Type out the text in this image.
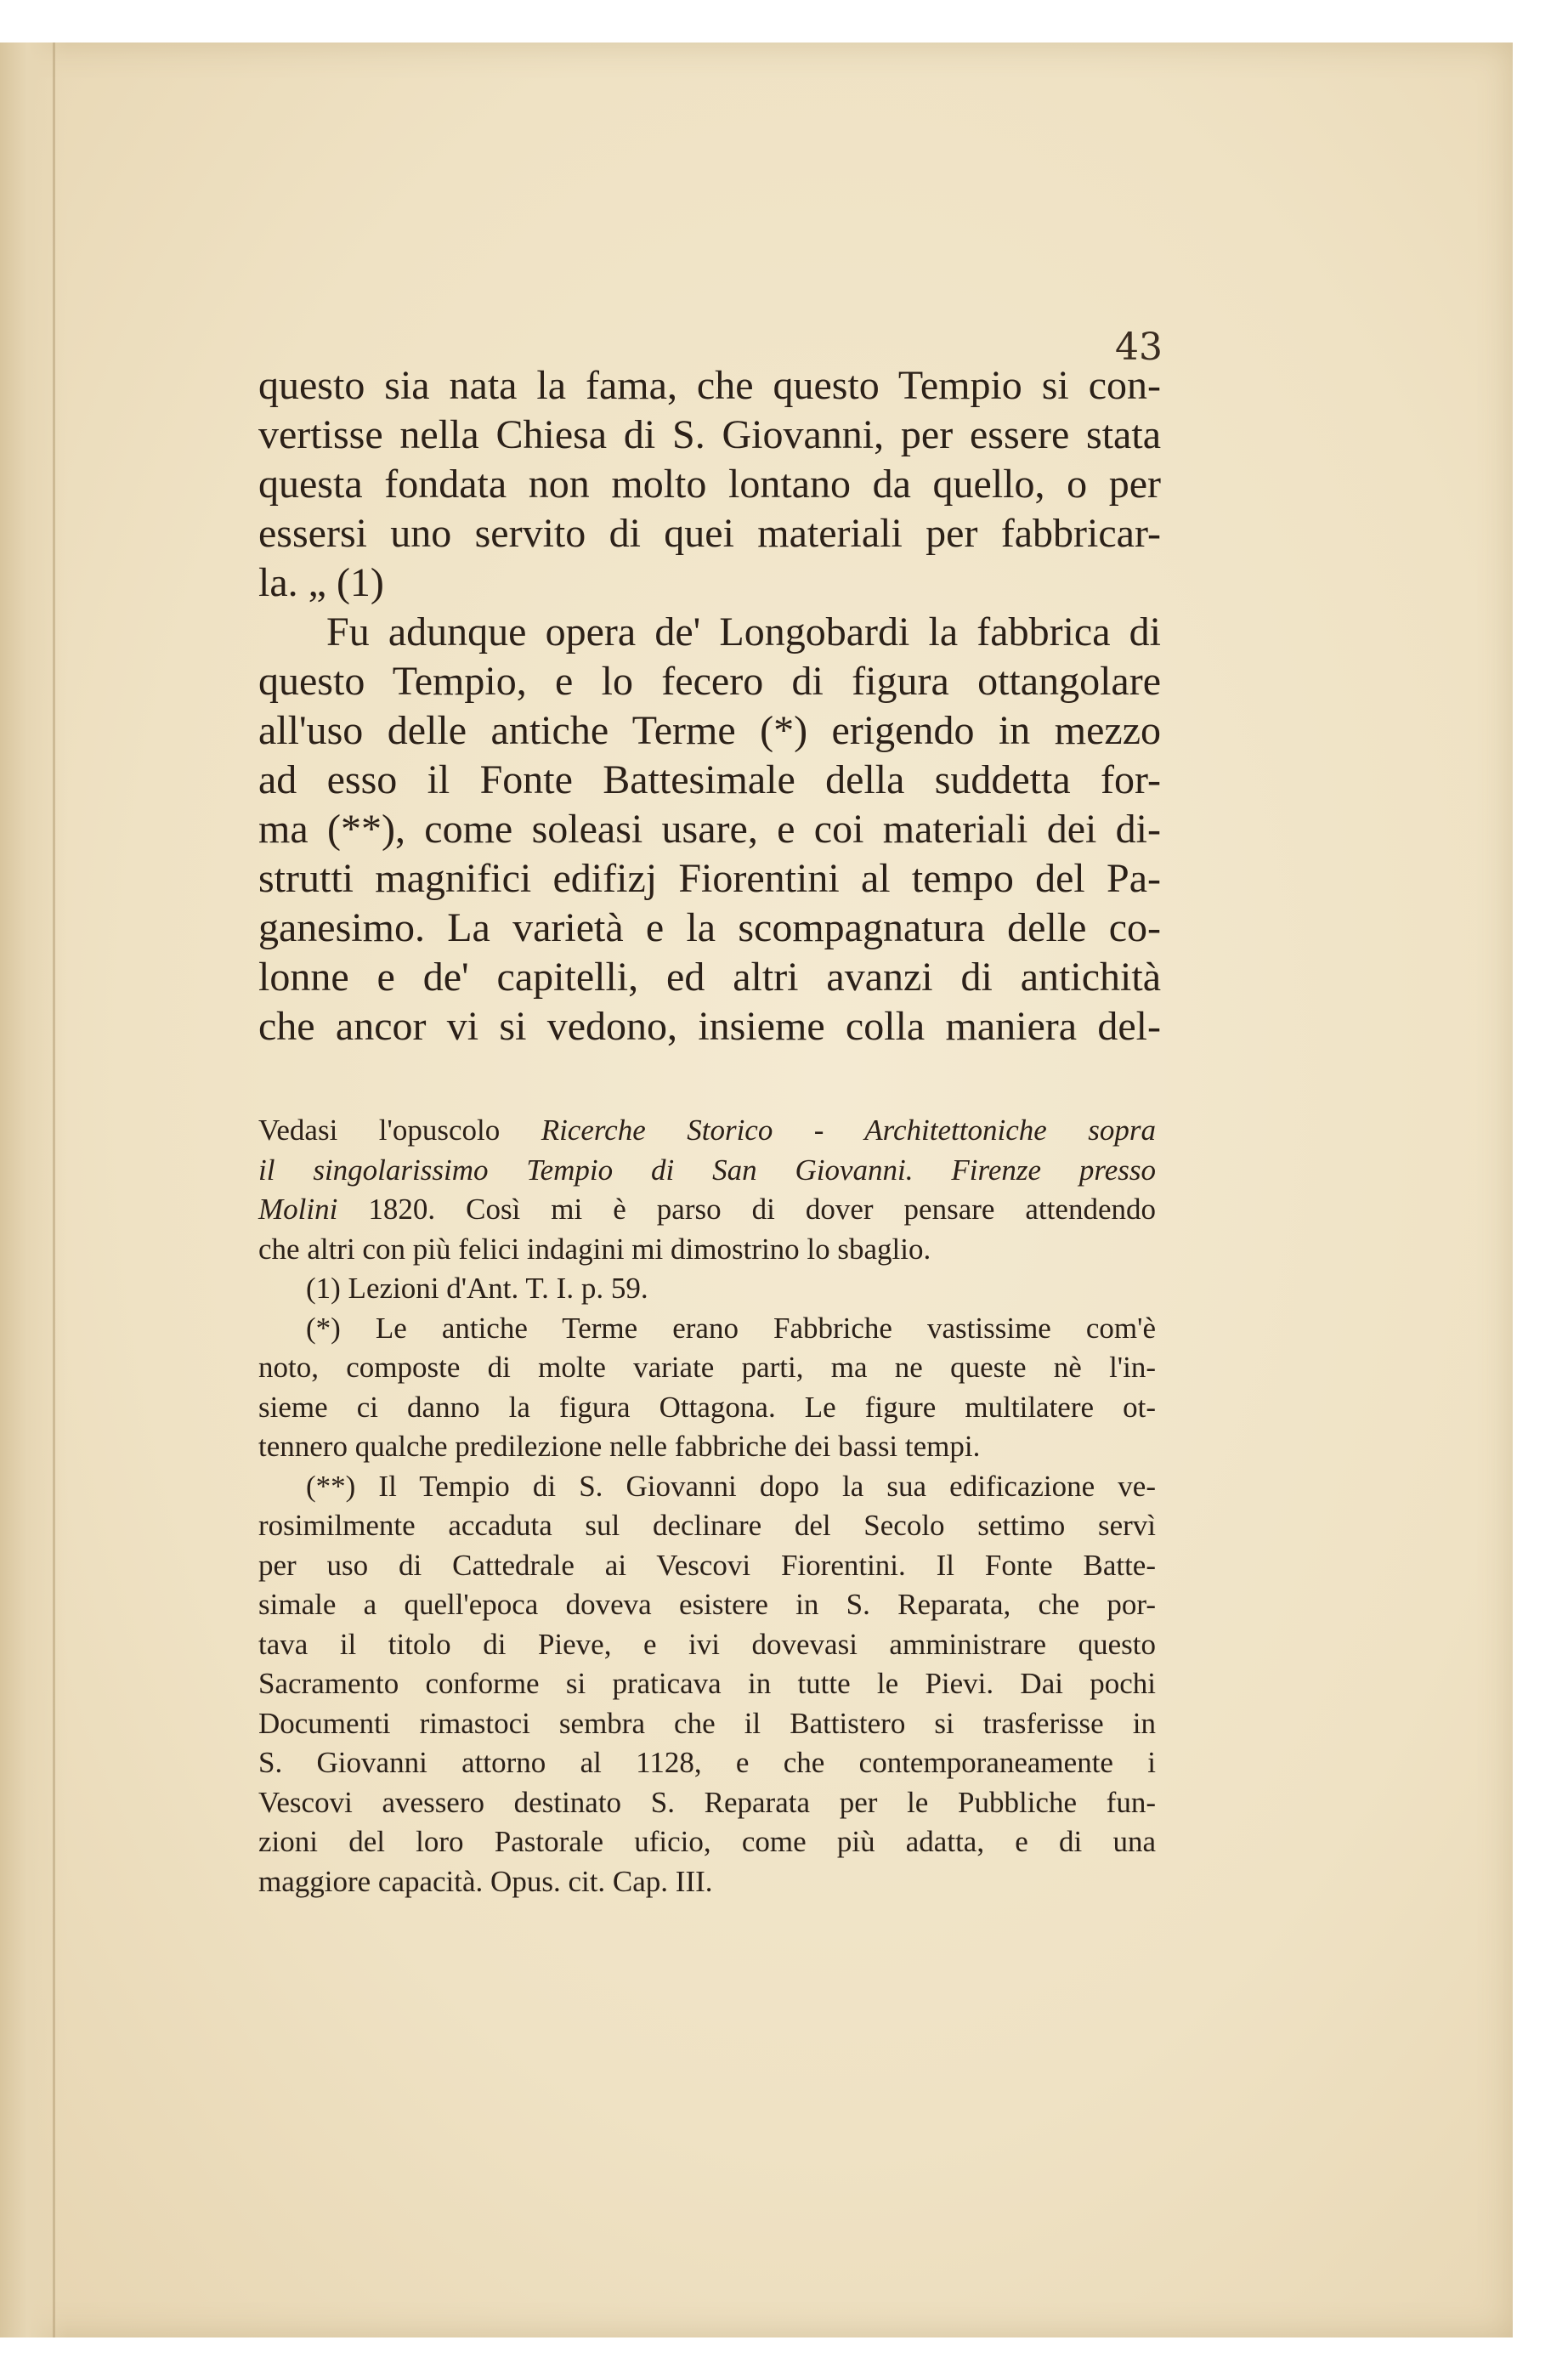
43
questo sia nata la fama, che questo Tempio si con-
vertisse nella Chiesa di S. Giovanni, per essere stata
questa fondata non molto lontano da quello, o per
essersi uno servito di quei materiali per fabbricar-
la. „ (1)
Fu adunque opera de' Longobardi la fabbrica di
questo Tempio, e lo fecero di figura ottangolare
all'uso delle antiche Terme (*) erigendo in mezzo
ad esso il Fonte Battesimale della suddetta for-
ma (**), come soleasi usare, e coi materiali dei di-
strutti magnifici edifizj Fiorentini al tempo del Pa-
ganesimo. La varietà e la scompagnatura delle co-
lonne e de' capitelli, ed altri avanzi di antichità
che ancor vi si vedono, insieme colla maniera del-
Vedasi l'opuscolo Ricerche Storico - Architettoniche sopra
il singolarissimo Tempio di San Giovanni. Firenze presso
Molini 1820. Così mi è parso di dover pensare attendendo
che altri con più felici indagini mi dimostrino lo sbaglio.
(1) Lezioni d'Ant. T. I. p. 59.
(*) Le antiche Terme erano Fabbriche vastissime com'è
noto, composte di molte variate parti, ma ne queste nè l'in-
sieme ci danno la figura Ottagona. Le figure multilatere ot-
tennero qualche predilezione nelle fabbriche dei bassi tempi.
(**) Il Tempio di S. Giovanni dopo la sua edificazione ve-
rosimilmente accaduta sul declinare del Secolo settimo servì
per uso di Cattedrale ai Vescovi Fiorentini. Il Fonte Batte-
simale a quell'epoca doveva esistere in S. Reparata, che por-
tava il titolo di Pieve, e ivi dovevasi amministrare questo
Sacramento conforme si praticava in tutte le Pievi. Dai pochi
Documenti rimastoci sembra che il Battistero si trasferisse in
S. Giovanni attorno al 1128, e che contemporaneamente i
Vescovi avessero destinato S. Reparata per le Pubbliche fun-
zioni del loro Pastorale uficio, come più adatta, e di una
maggiore capacità. Opus. cit. Cap. III.
